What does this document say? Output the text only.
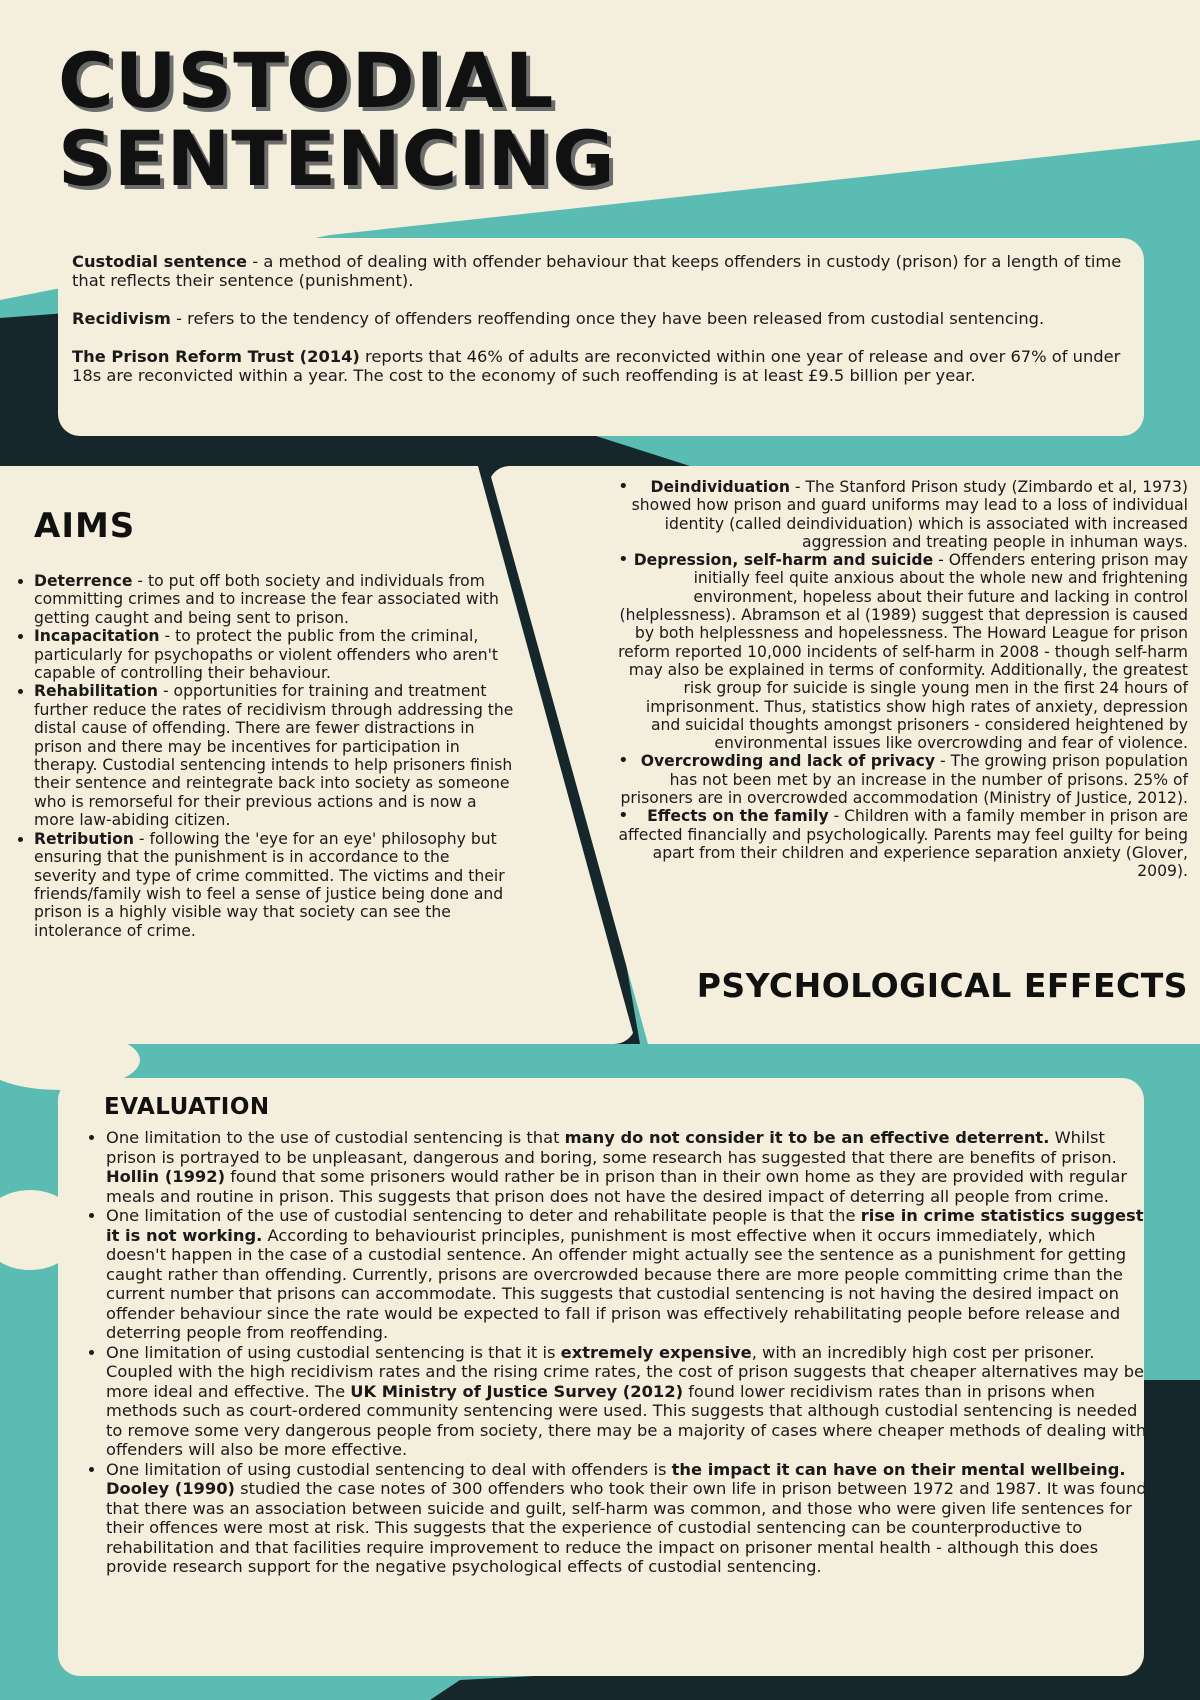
CUSTODIAL
SENTENCING

Custodial sentence - a method of dealing with offender behaviour that keeps offenders in custody (prison) for a length of time that reflects their sentence (punishment).

Recidivism - refers to the tendency of offenders reoffending once they have been released from custodial sentencing.

The Prison Reform Trust (2014) reports that 46% of adults are reconvicted within one year of release and over 67% of under 18s are reconvicted within a year. The cost to the economy of such reoffending is at least £9.5 billion per year.

AIMS
• Deterrence - to put off both society and individuals from committing crimes and to increase the fear associated with getting caught and being sent to prison.
• Incapacitation - to protect the public from the criminal, particularly for psychopaths or violent offenders who aren't capable of controlling their behaviour.
• Rehabilitation - opportunities for training and treatment further reduce the rates of recidivism through addressing the distal cause of offending. There are fewer distractions in prison and there may be incentives for participation in therapy. Custodial sentencing intends to help prisoners finish their sentence and reintegrate back into society as someone who is remorseful for their previous actions and is now a more law-abiding citizen.
• Retribution - following the 'eye for an eye' philosophy but ensuring that the punishment is in accordance to the severity and type of crime committed. The victims and their friends/family wish to feel a sense of justice being done and prison is a highly visible way that society can see the intolerance of crime.
• Deindividuation - The Stanford Prison study (Zimbardo et al, 1973) showed how prison and guard uniforms may lead to a loss of individual identity (called deindividuation) which is associated with increased aggression and treating people in inhuman ways.
• Depression, self-harm and suicide - Offenders entering prison may initially feel quite anxious about the whole new and frightening environment, hopeless about their future and lacking in control (helplessness). Abramson et al (1989) suggest that depression is caused by both helplessness and hopelessness. The Howard League for prison reform reported 10,000 incidents of self-harm in 2008 - though self-harm may also be explained in terms of conformity. Additionally, the greatest risk group for suicide is single young men in the first 24 hours of imprisonment. Thus, statistics show high rates of anxiety, depression and suicidal thoughts amongst prisoners - considered heightened by environmental issues like overcrowding and fear of violence.
• Overcrowding and lack of privacy - The growing prison population has not been met by an increase in the number of prisons. 25% of prisoners are in overcrowded accommodation (Ministry of Justice, 2012).
• Effects on the family - Children with a family member in prison are affected financially and psychologically. Parents may feel guilty for being apart from their children and experience separation anxiety (Glover, 2009).
PSYCHOLOGICAL EFFECTS
EVALUATION
• One limitation to the use of custodial sentencing is that many do not consider it to be an effective deterrent. Whilst prison is portrayed to be unpleasant, dangerous and boring, some research has suggested that there are benefits of prison. Hollin (1992) found that some prisoners would rather be in prison than in their own home as they are provided with regular meals and routine in prison. This suggests that prison does not have the desired impact of deterring all people from crime.
• One limitation of the use of custodial sentencing to deter and rehabilitate people is that the rise in crime statistics suggest it is not working. According to behaviourist principles, punishment is most effective when it occurs immediately, which doesn't happen in the case of a custodial sentence. An offender might actually see the sentence as a punishment for getting caught rather than offending. Currently, prisons are overcrowded because there are more people committing crime than the current number that prisons can accommodate. This suggests that custodial sentencing is not having the desired impact on offender behaviour since the rate would be expected to fall if prison was effectively rehabilitating people before release and deterring people from reoffending.
• One limitation of using custodial sentencing is that it is extremely expensive, with an incredibly high cost per prisoner. Coupled with the high recidivism rates and the rising crime rates, the cost of prison suggests that cheaper alternatives may be more ideal and effective. The UK Ministry of Justice Survey (2012) found lower recidivism rates than in prisons when methods such as court-ordered community sentencing were used. This suggests that although custodial sentencing is needed to remove some very dangerous people from society, there may be a majority of cases where cheaper methods of dealing with offenders will also be more effective.
• One limitation of using custodial sentencing to deal with offenders is the impact it can have on their mental wellbeing. Dooley (1990) studied the case notes of 300 offenders who took their own life in prison between 1972 and 1987. It was found that there was an association between suicide and guilt, self-harm was common, and those who were given life sentences for their offences were most at risk. This suggests that the experience of custodial sentencing can be counterproductive to rehabilitation and that facilities require improvement to reduce the impact on prisoner mental health - although this does provide research support for the negative psychological effects of custodial sentencing.
